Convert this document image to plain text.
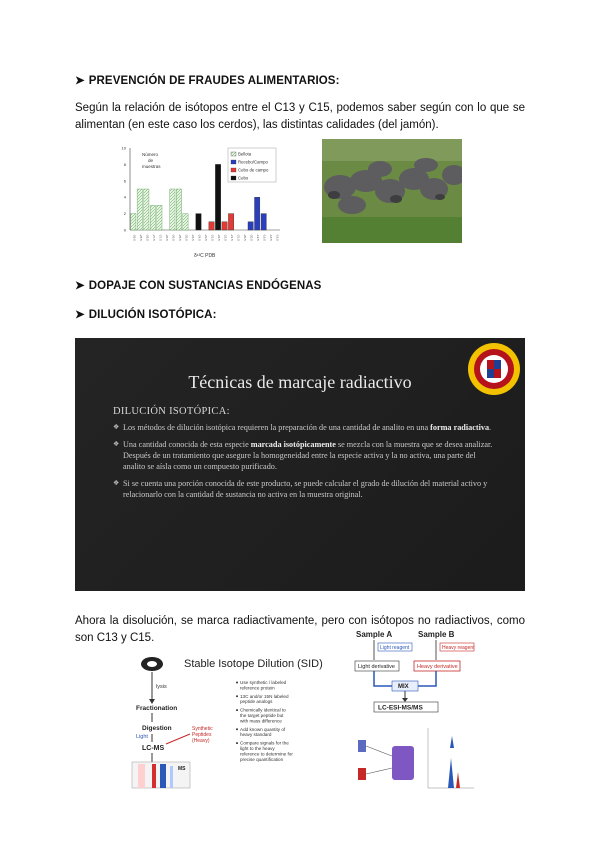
➤ PREVENCIÓN DE FRAUDES ALIMENTARIOS:
Según la relación de isótopos entre el C13 y C15, podemos saber según con lo que se alimentan (en este caso los cerdos), las distintas calidades (del jamón).
0
2
4
6
8
10
Número de muestras
-29.0 -28.5 -28.0 -27.5 -27.0 -26.5 -26.0 -25.5 -25.0 -24.5 -24.0 -23.5 -23.0 -22.5 -22.0 -21.5 -21.0 -20.5 -20.0 -19.5 -19.0 -18.5 -18.0
δ¹³C PDB
Bellota
Recebo/Campo
Cebo de campo
Cebo
➤ DOPAJE CON SUSTANCIAS ENDÓGENAS
➤ DILUCIÓN ISOTÓPICA:
Técnicas de marcaje radiactivo
DILUCIÓN ISOTÓPICA:
❖ Los métodos de dilución isotópica requieren la preparación de una cantidad de analito en una forma radiactiva.
❖ Una cantidad conocida de esta especie marcada isotópicamente se mezcla con la muestra que se desea analizar. Después de un tratamiento que asegure la homogeneidad entre la especie activa y la no activa, una parte del analito se aísla como un compuesto purificado.
❖ Si se cuenta una porción conocida de este producto, se puede calcular el grado de dilución del material activo y relacionarlo con la cantidad de sustancia no activa en la muestra original.
Ahora la disolución, se marca radiactivamente, pero con isótopos no radiactivos, como son C13 y C15.
Stable Isotope Dilution (SID)
lysis
Fractionation
Digestion
Light
Synthetic Peptides (Heavy)
LC-MS
MS
Use synthetic / labeled reference protein
13C and/or 15N labeled peptide analogs
Chemically identical to the target peptide but with mass difference
Add known quantity of heavy standard
Compare signals for the light to the heavy reference to determine for precise quantification
Sample A	Sample B
Light reagent	Heavy reagent
Light derivative	Heavy derivative
MIX
LC-ESI-MS/MS
